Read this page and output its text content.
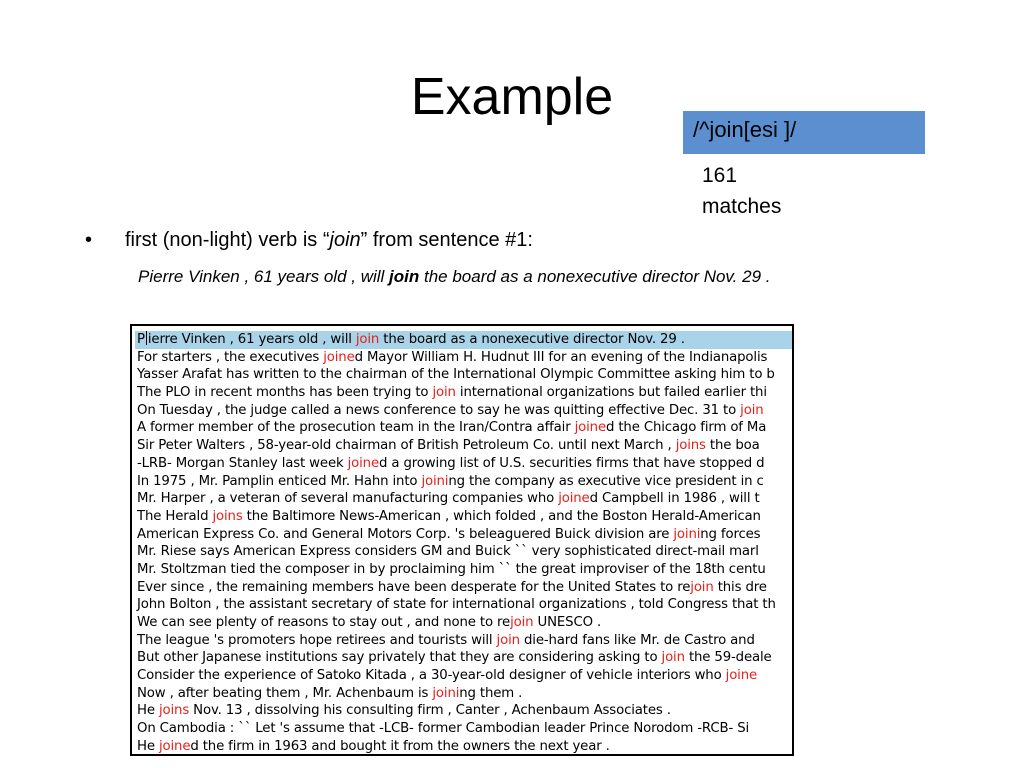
Example
/^join[esi ]/
161
matches
• first (non-light) verb is “join” from sentence #1:
Pierre Vinken , 61 years old , will join the board as a nonexecutive director Nov. 29 .
P ierre Vinken , 61 years old , will join the board as a nonexecutive director Nov. 29 .
For starters , the executives joined Mayor William H. Hudnut III for an evening of the Indianapolis
Yasser Arafat has written to the chairman of the International Olympic Committee asking him to b
The PLO in recent months has been trying to join international organizations but failed earlier thi
On Tuesday , the judge called a news conference to say he was quitting effective Dec. 31 to join
A former member of the prosecution team in the Iran/Contra affair joined the Chicago firm of Ma
Sir Peter Walters , 58-year-old chairman of British Petroleum Co. until next March , joins the boa
-LRB- Morgan Stanley last week joined a growing list of U.S. securities firms that have stopped d
In 1975 , Mr. Pamplin enticed Mr. Hahn into joining the company as executive vice president in c
Mr. Harper , a veteran of several manufacturing companies who joined Campbell in 1986 , will t
The Herald joins the Baltimore News-American , which folded , and the Boston Herald-American
American Express Co. and General Motors Corp. 's beleaguered Buick division are joining forces
Mr. Riese says American Express considers GM and Buick `` very sophisticated direct-mail marl
Mr. Stoltzman tied the composer in by proclaiming him `` the great improviser of the 18th centu
Ever since , the remaining members have been desperate for the United States to rejoin this dre
John Bolton , the assistant secretary of state for international organizations , told Congress that th
We can see plenty of reasons to stay out , and none to rejoin UNESCO .
The league 's promoters hope retirees and tourists will join die-hard fans like Mr. de Castro and
But other Japanese institutions say privately that they are considering asking to join the 59-deale
Consider the experience of Satoko Kitada , a 30-year-old designer of vehicle interiors who joine
Now , after beating them , Mr. Achenbaum is joining them .
He joins Nov. 13 , dissolving his consulting firm , Canter , Achenbaum Associates .
On Cambodia : `` Let 's assume that -LCB- former Cambodian leader Prince Norodom -RCB- Si
He joined the firm in 1963 and bought it from the owners the next year .
